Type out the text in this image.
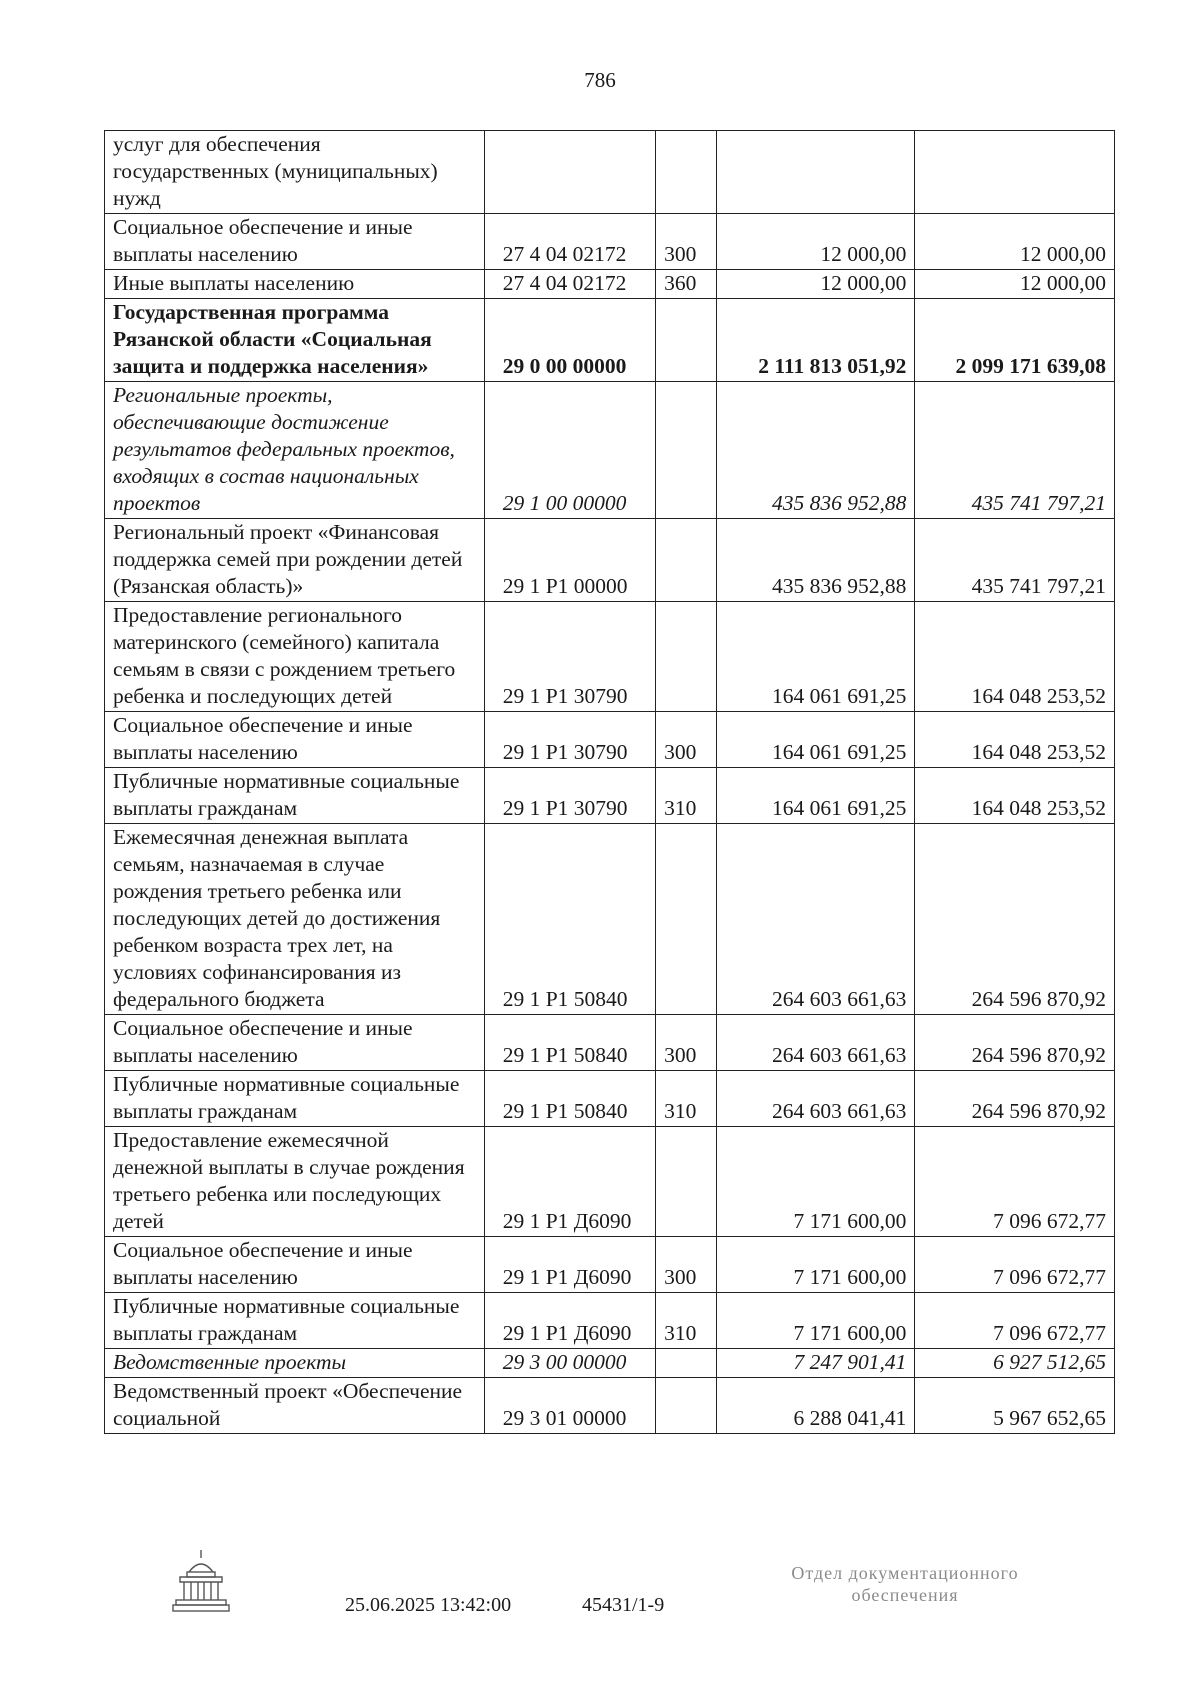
786
услуг для обеспечения государственных (муниципальных) нужд				
Социальное обеспечение и иные выплаты населению	27 4 04 02172	300	12 000,00	12 000,00
Иные выплаты населению	27 4 04 02172	360	12 000,00	12 000,00
Государственная программа Рязанской области «Социальная защита и поддержка населения»	29 0 00 00000		2 111 813 051,92	2 099 171 639,08
Региональные проекты, обеспечивающие достижение результатов федеральных проектов, входящих в состав национальных проектов	29 1 00 00000		435 836 952,88	435 741 797,21
Региональный проект «Финансовая поддержка семей при рождении детей (Рязанская область)»	29 1 Р1 00000		435 836 952,88	435 741 797,21
Предоставление регионального материнского (семейного) капитала семьям в связи с рождением третьего ребенка и последующих детей	29 1 Р1 30790		164 061 691,25	164 048 253,52
Социальное обеспечение и иные выплаты населению	29 1 Р1 30790	300	164 061 691,25	164 048 253,52
Публичные нормативные социальные выплаты гражданам	29 1 Р1 30790	310	164 061 691,25	164 048 253,52
Ежемесячная денежная выплата семьям, назначаемая в случае рождения третьего ребенка или последующих детей до достижения ребенком возраста трех лет, на условиях софинансирования из федерального бюджета	29 1 Р1 50840		264 603 661,63	264 596 870,92
Социальное обеспечение и иные выплаты населению	29 1 Р1 50840	300	264 603 661,63	264 596 870,92
Публичные нормативные социальные выплаты гражданам	29 1 Р1 50840	310	264 603 661,63	264 596 870,92
Предоставление ежемесячной денежной выплаты в случае рождения третьего ребенка или последующих детей	29 1 Р1 Д6090		7 171 600,00	7 096 672,77
Социальное обеспечение и иные выплаты населению	29 1 Р1 Д6090	300	7 171 600,00	7 096 672,77
Публичные нормативные социальные выплаты гражданам	29 1 Р1 Д6090	310	7 171 600,00	7 096 672,77
Ведомственные проекты	29 3 00 00000		7 247 901,41	6 927 512,65
Ведомственный проект «Обеспечение социальной	29 3 01 00000		6 288 041,41	5 967 652,65
25.06.2025 13:42:00	45431/1-9
Отдел документационного
обеспечения
